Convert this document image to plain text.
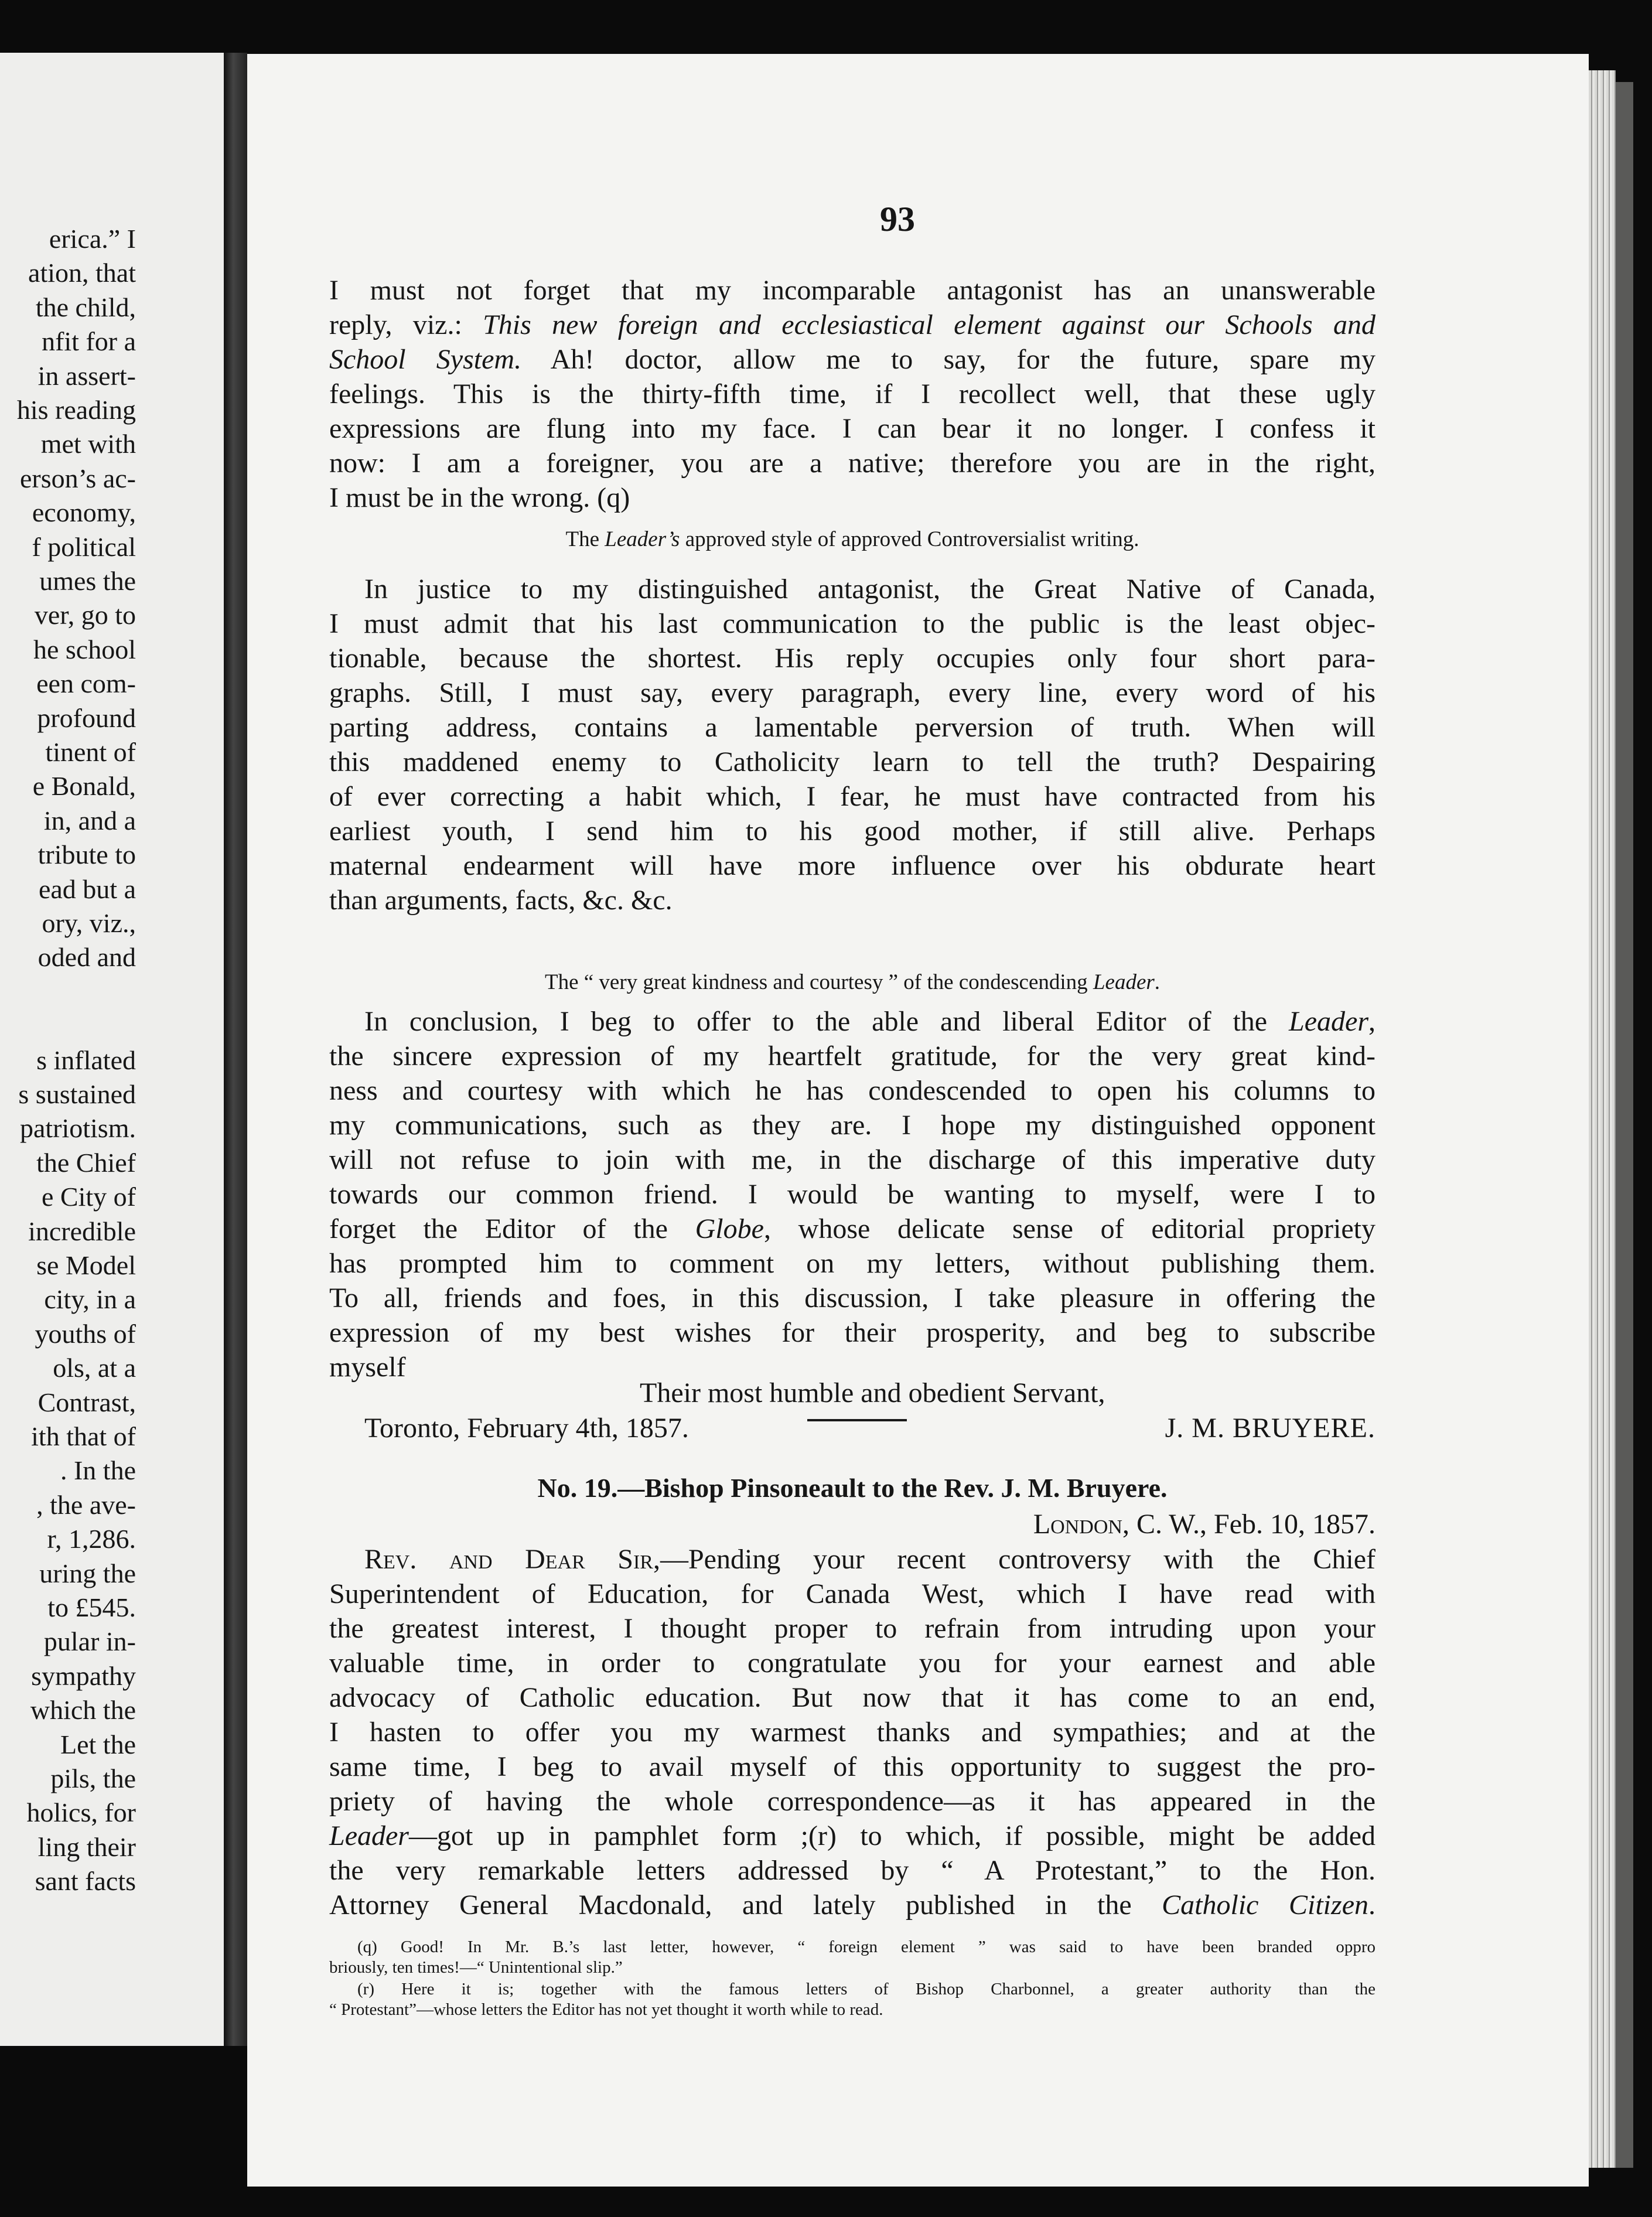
erica.” I
ation, that
the child,
nfit for a
in assert-
his reading
met with
erson’s ac-
economy,
f political
umes the
ver, go to
he school
een com-
profound
tinent of
e Bonald,
in, and a
tribute to
ead but a
ory, viz.,
oded and
s inflated
s sustained
patriotism.
the Chief
e City of
incredible
se Model
city, in a
youths of
ols, at a
Contrast,
ith that of
. In the
, the ave-
r, 1,286.
uring the
to £545.
pular in-
sympathy
which the
Let the
pils, the
holics, for
ling their
sant facts
93
I must not forget that my incomparable antagonist has an unanswerable
reply, viz.: This new foreign and ecclesiastical element against our Schools and
School System. Ah! doctor, allow me to say, for the future, spare my
feelings. This is the thirty-fifth time, if I recollect well, that these ugly
expressions are flung into my face. I can bear it no longer. I confess it
now: I am a foreigner, you are a native; therefore you are in the right,
I must be in the wrong. (q)
The Leader’s approved style of approved Controversialist writing.
In justice to my distinguished antagonist, the Great Native of Canada,
I must admit that his last communication to the public is the least objec-
tionable, because the shortest. His reply occupies only four short para-
graphs. Still, I must say, every paragraph, every line, every word of his
parting address, contains a lamentable perversion of truth. When will
this maddened enemy to Catholicity learn to tell the truth? Despairing
of ever correcting a habit which, I fear, he must have contracted from his
earliest youth, I send him to his good mother, if still alive. Perhaps
maternal endearment will have more influence over his obdurate heart
than arguments, facts, &c. &c.
The “ very great kindness and courtesy ” of the condescending Leader.
In conclusion, I beg to offer to the able and liberal Editor of the Leader,
the sincere expression of my heartfelt gratitude, for the very great kind-
ness and courtesy with which he has condescended to open his columns to
my communications, such as they are. I hope my distinguished opponent
will not refuse to join with me, in the discharge of this imperative duty
towards our common friend. I would be wanting to myself, were I to
forget the Editor of the Globe, whose delicate sense of editorial propriety
has prompted him to comment on my letters, without publishing them.
To all, friends and foes, in this discussion, I take pleasure in offering the
expression of my best wishes for their prosperity, and beg to subscribe
myself
Their most humble and obedient Servant,
Toronto, February 4th, 1857.	J. M. BRUYERE.
No. 19.—Bishop Pinsoneault to the Rev. J. M. Bruyere.
London, C. W., Feb. 10, 1857.
Rev. and Dear Sir,—Pending your recent controversy with the Chief
Superintendent of Education, for Canada West, which I have read with
the greatest interest, I thought proper to refrain from intruding upon your
valuable time, in order to congratulate you for your earnest and able
advocacy of Catholic education. But now that it has come to an end,
I hasten to offer you my warmest thanks and sympathies; and at the
same time, I beg to avail myself of this opportunity to suggest the pro-
priety of having the whole correspondence—as it has appeared in the
Leader—got up in pamphlet form ;(r) to which, if possible, might be added
the very remarkable letters addressed by “ A Protestant,” to the Hon.
Attorney General Macdonald, and lately published in the Catholic Citizen.
(q) Good! In Mr. B.’s last letter, however, “ foreign element ” was said to have been branded oppro
briously, ten times!—“ Unintentional slip.”
(r) Here it is; together with the famous letters of Bishop Charbonnel, a greater authority than the
“ Protestant”—whose letters the Editor has not yet thought it worth while to read.
